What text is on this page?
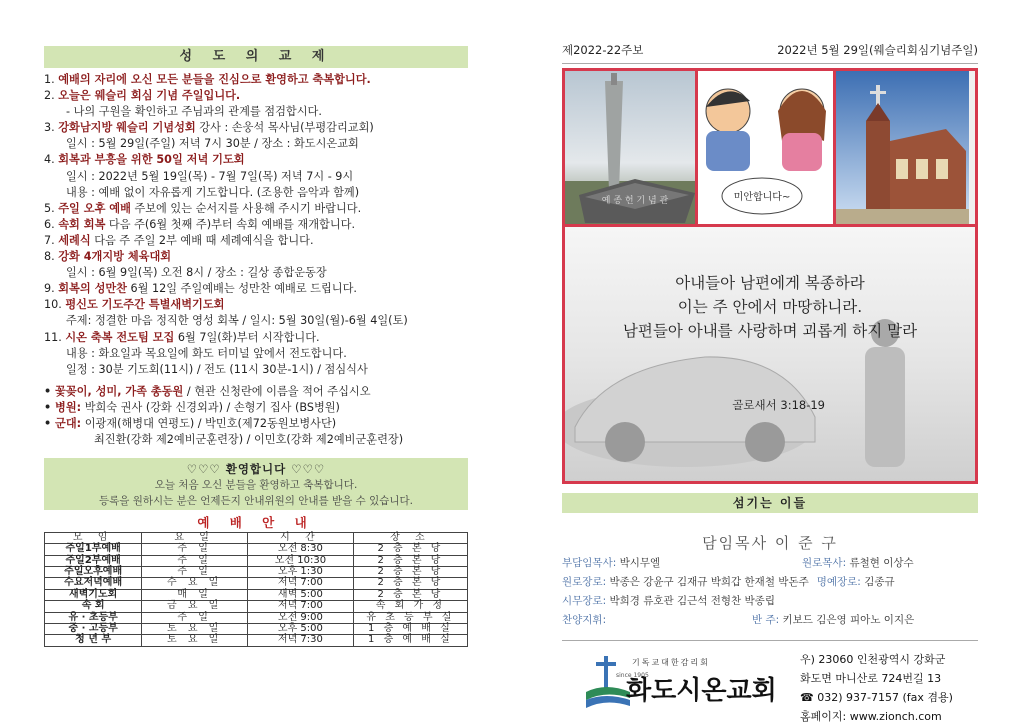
성 도 의 교 제
1. 예배의 자리에 오신 모든 분들을 진심으로 환영하고 축복합니다.
2. 오늘은 웨슬리 회심 기념 주일입니다.
- 나의 구원을 확인하고 주님과의 관계를 점검합시다.
3. 강화남지방 웨슬리 기념성회 강사 : 손웅석 목사님(부평감리교회)
일시 : 5월 29일(주일) 저녁 7시 30분 / 장소 : 화도시온교회
4. 회복과 부흥을 위한 50일 저녁 기도회
일시 : 2022년 5월 19일(목) - 7월 7일(목) 저녁 7시 - 9시
내용 : 예배 없이 자유롭게 기도합니다. (조용한 음악과 함께)
5. 주일 오후 예배 주보에 있는 순서지를 사용해 주시기 바랍니다.
6. 속회 회복 다음 주(6월 첫째 주)부터 속회 예배를 재개합니다.
7. 세례식 다음 주 주일 2부 예배 때 세례예식을 합니다.
8. 강화 4개지방 체육대회
일시 : 6월 9일(목) 오전 8시 / 장소 : 길상 종합운동장
9. 회복의 성만찬 6월 12일 주일예배는 성만찬 예배로 드립니다.
10. 평신도 기도주간 특별새벽기도회
주제: 정결한 마음 정직한 영성 회복 / 일시: 5월 30일(월)-6월 4일(토)
11. 시온 축복 전도팀 모집 6월 7일(화)부터 시작합니다.
내용 : 화요일과 목요일에 화도 터미널 앞에서 전도합니다.
일정 : 30분 기도회(11시) / 전도 (11시 30분-1시) / 점심식사
• 꽃꽂이, 성미, 가족 총동원 / 현관 신청란에 이름을 적어 주십시오
• 병원: 박희숙 권사 (강화 신경외과) / 손형기 집사 (BS병원)
• 군대: 이광재(해병대 연평도) / 박민호(제72동원보병사단)
최진환(강화 제2예비군훈련장) / 이민호(강화 제2예비군훈련장)
♡♡♡ 환영합니다 ♡♡♡
오늘 처음 오신 분들을 환영하고 축복합니다.
등록을 원하시는 분은 언제든지 안내위원의 안내를 받을 수 있습니다.
예 배 안 내
모 임	요 일	시 간	장 소
주일1부예배	주 일	오전 8:30	2 층 본 당
주일2부예배	주 일	오전 10:30	2 층 본 당
주일오후예배	주 일	오후 1:30	2 층 본 당
수요저녁예배	수 요 일	저녁 7:00	2 층 본 당
새벽기도회	매 일	새벽 5:00	2 층 본 당
속 회	금 요 일	저녁 7:00	속 회 가 정
유 · 초등부	주 일	오전 9:00	유 초 등 부 실
중 · 고등부	토 요 일	오후 5:00	1 층 예 배 실
청 년 부	토 요 일	저녁 7:30	1 층 예 배 실
제2022-22주보	2022년 5월 29일(웨슬리회심기념주일)
예 종 헌 기 념 관	미안합니다~
아내들아 남편에게 복종하라
이는 주 안에서 마땅하니라.
남편들아 아내를 사랑하며 괴롭게 하지 말라
골로새서 3:18-19
섬기는 이들
담임목사 이 준 구
부담임목사: 박시무엘	원로목사: 류철현 이상수
원로장로: 박종은 강윤구 김재규 박희갑 한재철 박돈주 명예장로: 김종규
시무장로: 박희경 류호관 김근석 전형찬 박종립
찬양지휘:	반 주: 키보드 김은영 피아노 이지은
since 1905
기독교대한감리회
화도시온교회
우) 23060 인천광역시 강화군
화도면 마니산로 724번길 13
☎ 032) 937-7157 (fax 겸용)
홈페이지: www.zionch.com
